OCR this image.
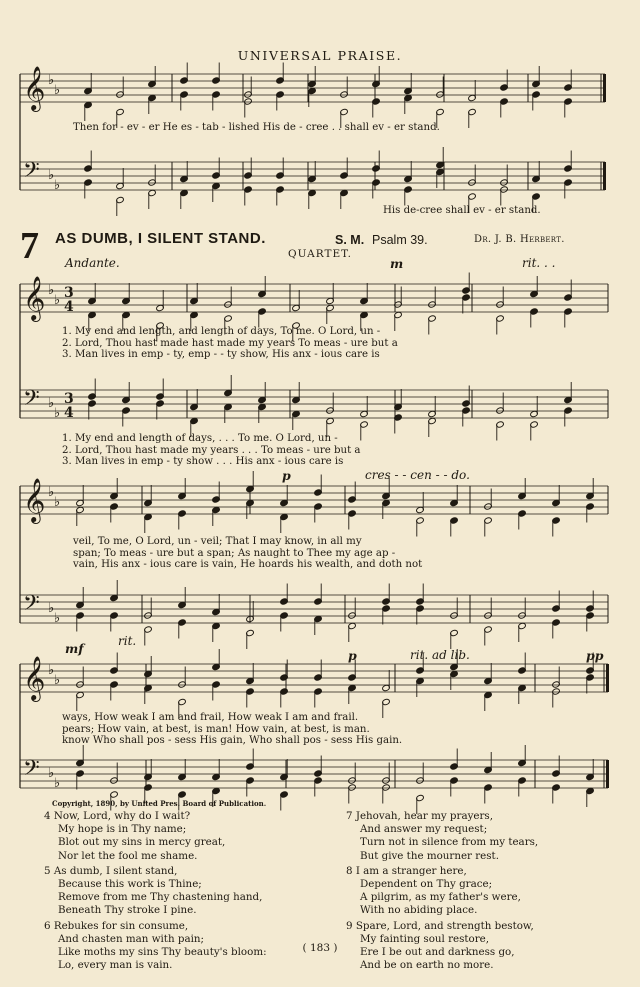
UNIVERSAL PRAISE.
7 AS DUMB, I SILENT STAND.	S. M. Psalm 39.	Dr. J. B. Herbert.
QUARTET.
𝄞 ♭
♭
𝄢 ♭
♭
𝄞 ♭
♭
𝄢 ♭
♭
3
4
3
4
𝄞 ♭
♭
𝄢 ♭
♭
𝄞 ♭
♭
𝄢 ♭
♭
Andante.	m	rit. . .
p	cres - - cen - - do.
mf	rit.
p	rit. ad lib.	pp
Then for - ev - er He es - tab - lished His de - cree . . shall ev - er stand.
His de-cree shall ev - er stand.
1. My end and length, and length of days, To me. O Lord, un -
2. Lord, Thou hast made hast made my years To meas - ure but a
3. Man lives in emp - ty, emp - - ty show, His anx - ious care is
1. My end and length of days, . . . To me. O Lord, un -
2. Lord, Thou hast made my years . . . To meas - ure but a
3. Man lives in emp - ty show . . . His anx - ious care is
veil, To me, O Lord, un - veil; That I may know, in all my
span; To meas - ure but a span; As naught to Thee my age ap -
vain, His anx - ious care is vain, He hoards his wealth, and doth not
ways, How weak I am and frail, How weak I am and frail.
pears; How vain, at best, is man! How vain, at best, is man.
know Who shall pos - sess His gain, Who shall pos - sess His gain.
Copyright, 1890, by United Pres. Board of Publication.
4 Now, Lord, why do I wait?
My hope is in Thy name;
Blot out my sins in mercy great,
Nor let the fool me shame.
5 As dumb, I silent stand,
Because this work is Thine;
Remove from me Thy chastening hand,
Beneath Thy stroke I pine.
6 Rebukes for sin consume,
And chasten man with pain;
Like moths my sins Thy beauty's bloom:
Lo, every man is vain.
7 Jehovah, hear my prayers,
And answer my request;
Turn not in silence from my tears,
But give the mourner rest.
8 I am a stranger here,
Dependent on Thy grace;
A pilgrim, as my father's were,
With no abiding place.
9 Spare, Lord, and strength bestow,
My fainting soul restore,
Ere I be out and darkness go,
And be on earth no more.
( 183 )
